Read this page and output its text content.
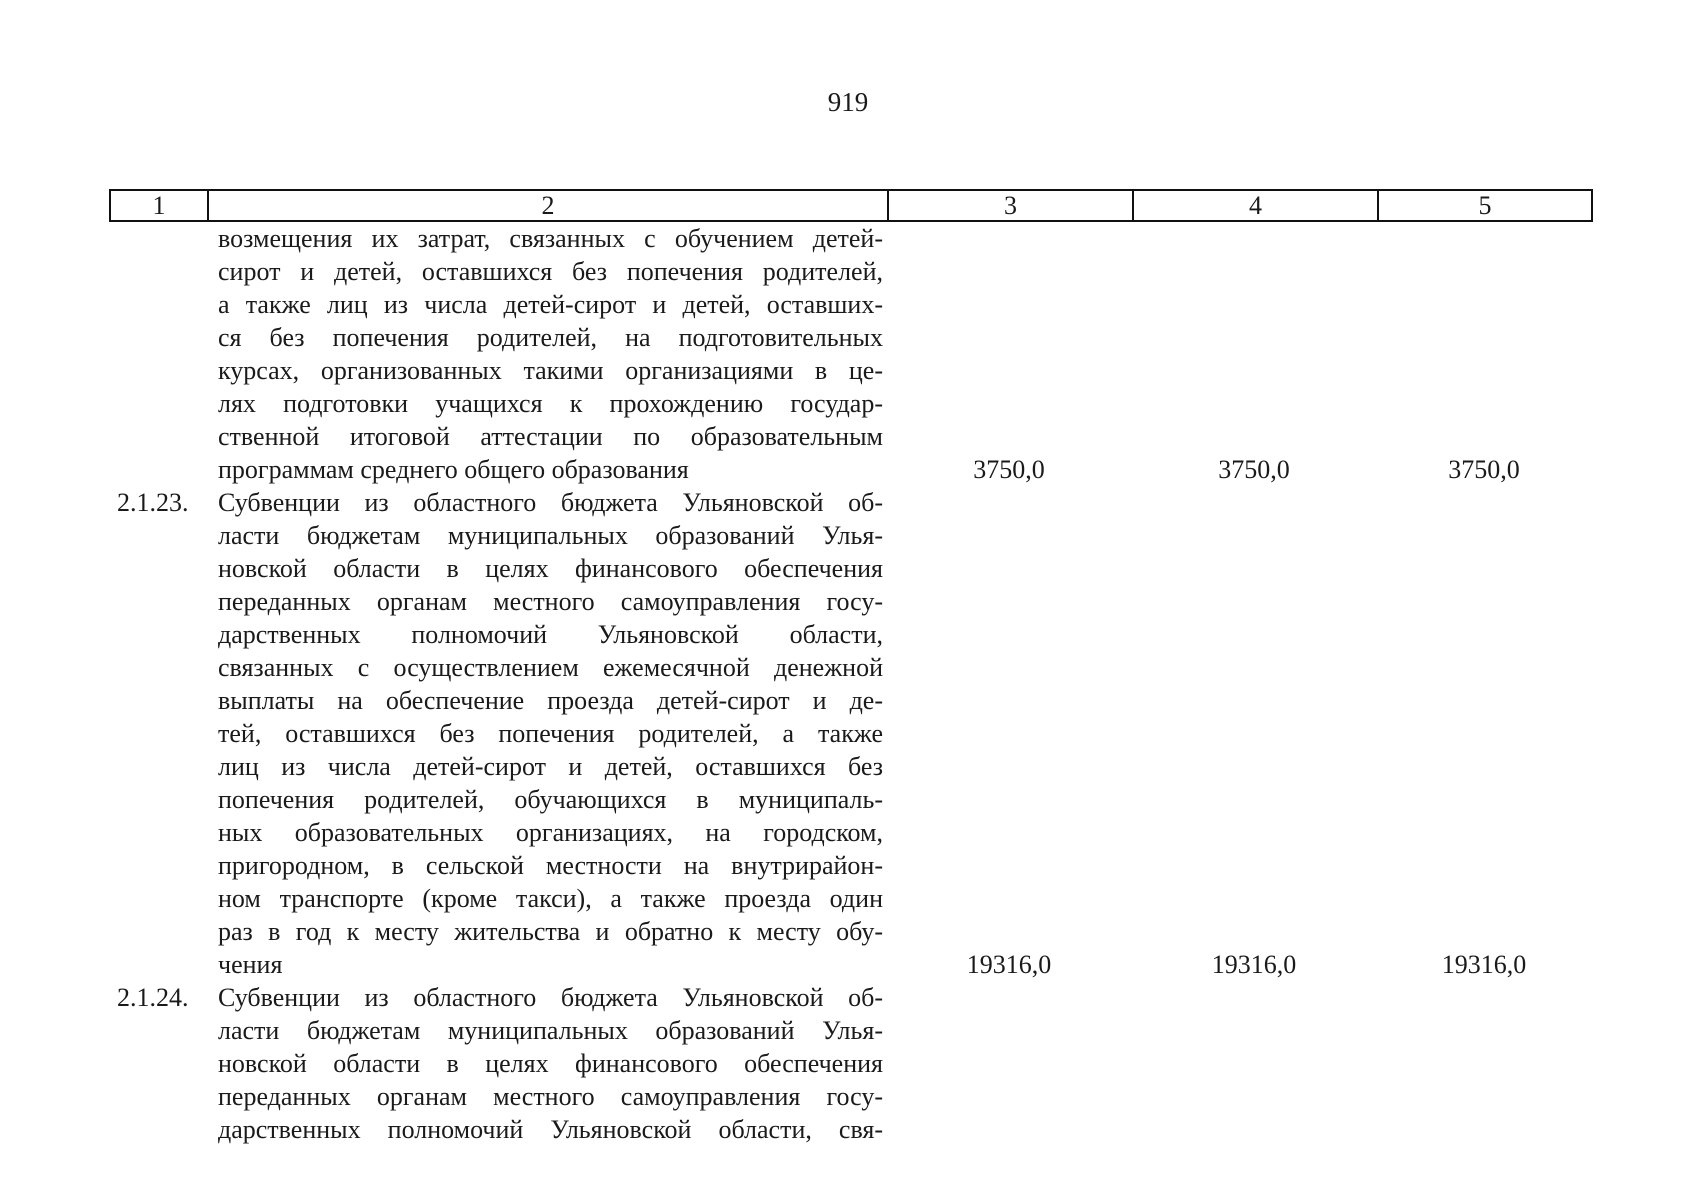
919
1	2	3	4	5
возмещения их затрат, связанных с обучением детей-
сирот и детей, оставшихся без попечения родителей,
а также лиц из числа детей-сирот и детей, оставших-
ся без попечения родителей, на подготовительных
курсах, организованных такими организациями в це-
лях подготовки учащихся к прохождению государ-
ственной итоговой аттестации по образовательным
программам среднего общего образования	3750,0	3750,0	3750,0
2.1.23. Субвенции из областного бюджета Ульяновской об-
ласти бюджетам муниципальных образований Улья-
новской области в целях финансового обеспечения
переданных органам местного самоуправления госу-
дарственных полномочий Ульяновской области,
связанных с осуществлением ежемесячной денежной
выплаты на обеспечение проезда детей-сирот и де-
тей, оставшихся без попечения родителей, а также
лиц из числа детей-сирот и детей, оставшихся без
попечения родителей, обучающихся в муниципаль-
ных образовательных организациях, на городском,
пригородном, в сельской местности на внутрирайон-
ном транспорте (кроме такси), а также проезда один
раз в год к месту жительства и обратно к месту обу-
чения	19316,0	19316,0	19316,0
2.1.24. Субвенции из областного бюджета Ульяновской об-
ласти бюджетам муниципальных образований Улья-
новской области в целях финансового обеспечения
переданных органам местного самоуправления госу-
дарственных полномочий Ульяновской области, свя-
